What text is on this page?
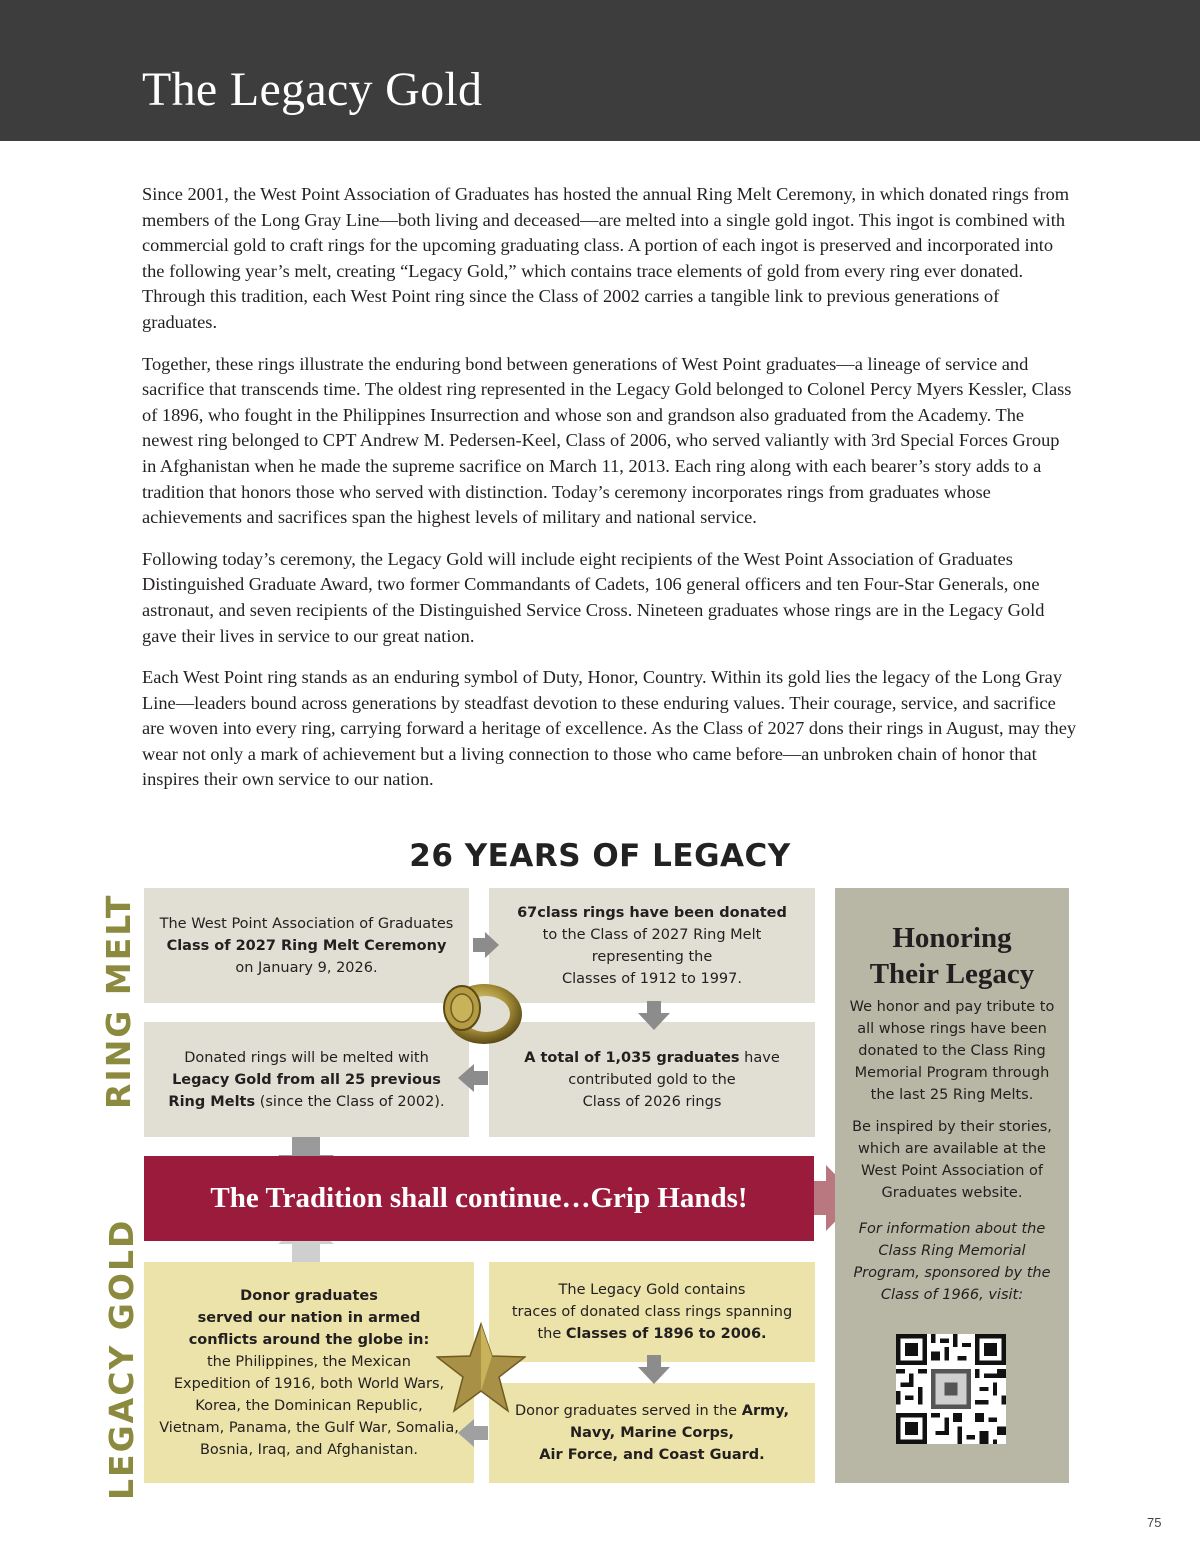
The Legacy Gold

Since 2001, the West Point Association of Graduates has hosted the annual Ring Melt Ceremony, in which donated rings from members of the Long Gray Line—both living and deceased—are melted into a single gold ingot. This ingot is combined with commercial gold to craft rings for the upcoming graduating class. A portion of each ingot is preserved and incorporated into the following year’s melt, creating “Legacy Gold,” which contains trace elements of gold from every ring ever donated. Through this tradition, each West Point ring since the Class of 2002 carries a tangible link to previous generations of graduates.

Together, these rings illustrate the enduring bond between generations of West Point graduates—a lineage of service and sacrifice that transcends time. The oldest ring represented in the Legacy Gold belonged to Colonel Percy Myers Kessler, Class of 1896, who fought in the Philippines Insurrection and whose son and grandson also graduated from the Academy. The newest ring belonged to CPT Andrew M. Pedersen-Keel, Class of 2006, who served valiantly with 3rd Special Forces Group in Afghanistan when he made the supreme sacrifice on March 11, 2013. Each ring along with each bearer’s story adds to a tradition that honors those who served with distinction. Today’s ceremony incorporates rings from graduates whose achievements and sacrifices span the highest levels of military and national service.

Following today’s ceremony, the Legacy Gold will include eight recipients of the West Point Association of Graduates Distinguished Graduate Award, two former Commandants of Cadets, 106 general officers and ten Four-Star Generals, one astronaut, and seven recipients of the Distinguished Service Cross. Nineteen graduates whose rings are in the Legacy Gold gave their lives in service to our great nation.

Each West Point ring stands as an enduring symbol of Duty, Honor, Country. Within its gold lies the legacy of the Long Gray Line—leaders bound across generations by steadfast devotion to these enduring values. Their courage, service, and sacrifice are woven into every ring, carrying forward a heritage of excellence. As the Class of 2027 dons their rings in August, may they wear not only a mark of achievement but a living connection to those who came before—an unbroken chain of honor that inspires their own service to our nation.

26 YEARS OF LEGACY
RING MELT
LEGACY GOLD
The West Point Association of Graduates
Class of 2027 Ring Melt Ceremony
on January 9, 2026.
67class rings have been donated
to the Class of 2027 Ring Melt
representing the
Classes of 1912 to 1997.
Donated rings will be melted with
Legacy Gold from all 25 previous
Ring Melts (since the Class of 2002).
A total of 1,035 graduates have
contributed gold to the
Class of 2026 rings
The Tradition shall continue…Grip Hands!
Donor graduates
served our nation in armed
conflicts around the globe in:
the Philippines, the Mexican
Expedition of 1916, both World Wars,
Korea, the Dominican Republic,
Vietnam, Panama, the Gulf War, Somalia,
Bosnia, Iraq, and Afghanistan.
The Legacy Gold contains
traces of donated class rings spanning
the Classes of 1896 to 2006.
Donor graduates served in the Army,
Navy, Marine Corps,
Air Force, and Coast Guard.
Honoring
Their Legacy
We honor and pay tribute to all whose rings have been donated to the Class Ring Memorial Program through the last 25 Ring Melts.
Be inspired by their stories, which are available at the West Point Association of Graduates website.
For information about the Class Ring Memorial Program, sponsored by the Class of 1966, visit:
75
